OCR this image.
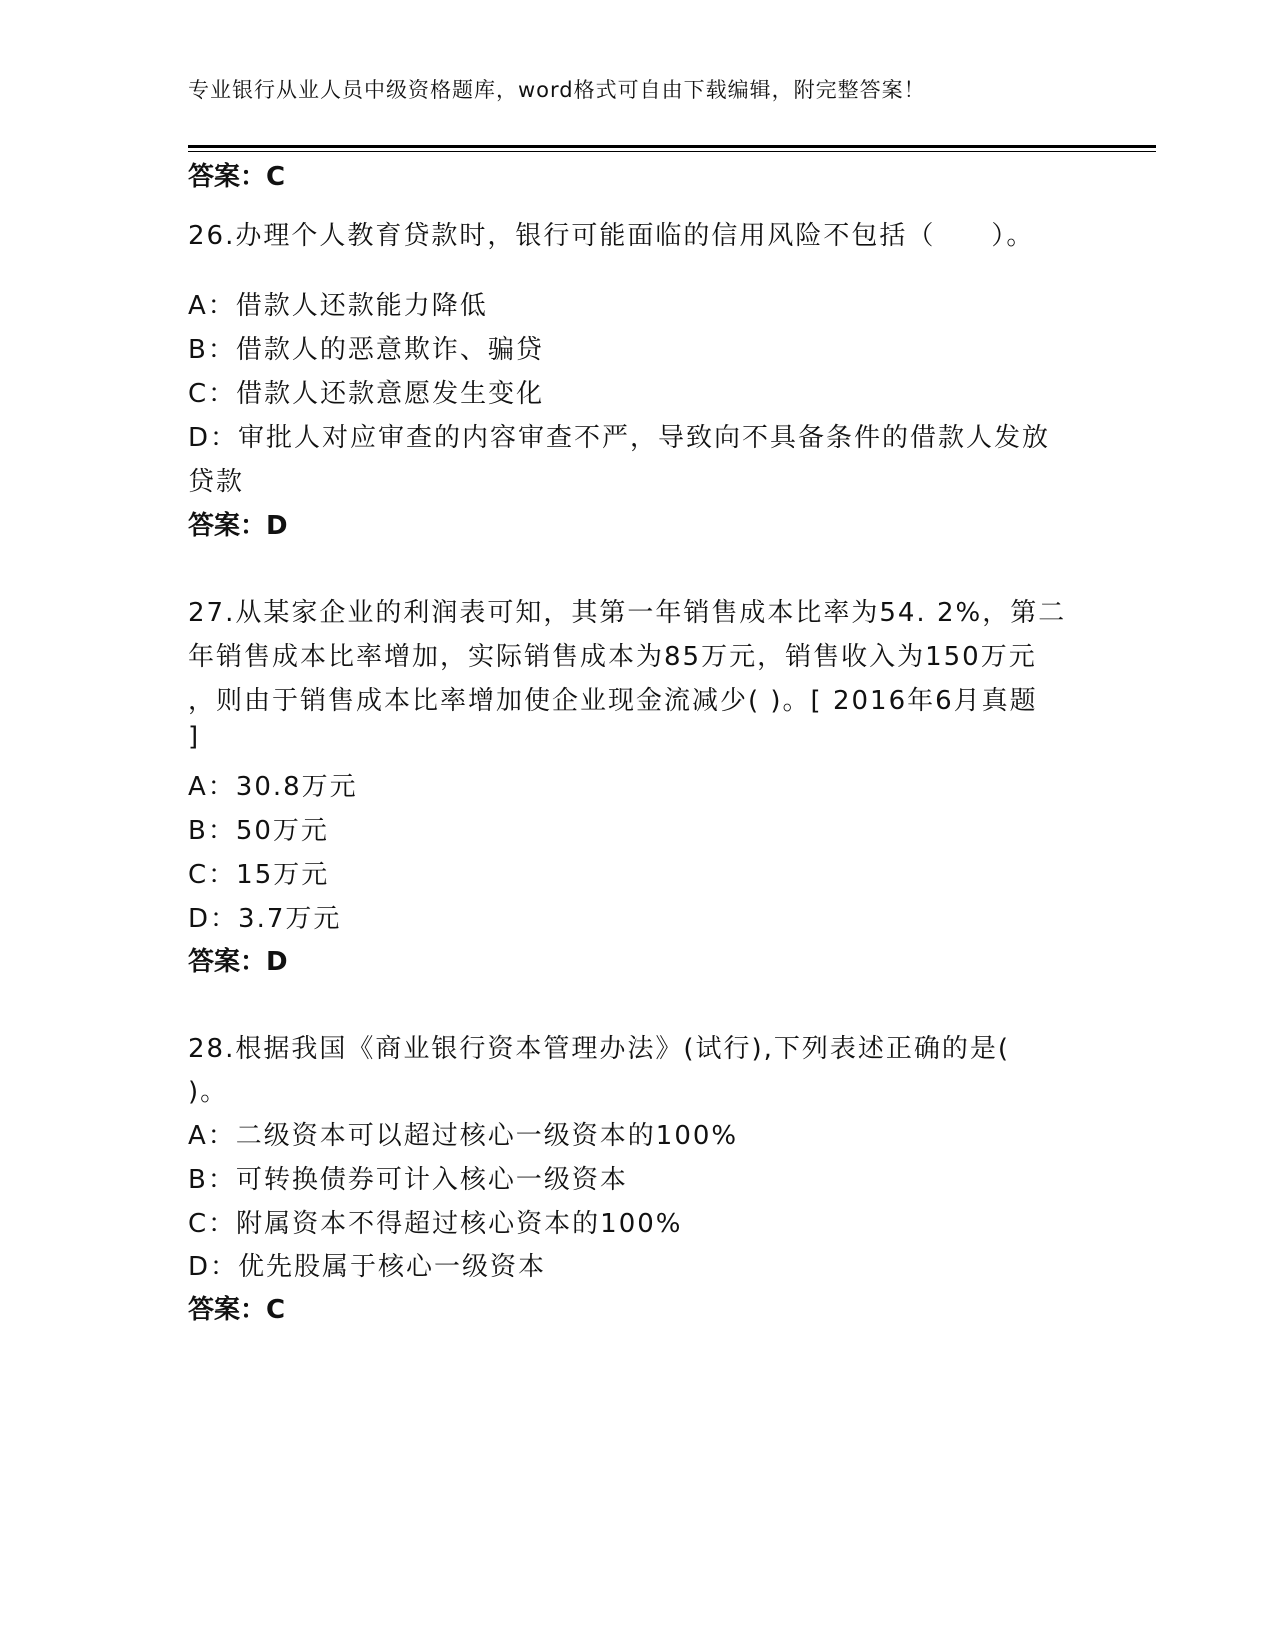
专业银行从业人员中级资格题库，word格式可自由下载编辑，附完整答案！
答案：C
26.办理个人教育贷款时，银行可能面临的信用风险不包括（　　）。
A：借款人还款能力降低
B：借款人的恶意欺诈、骗贷
C：借款人还款意愿发生变化
D：审批人对应审查的内容审查不严，导致向不具备条件的借款人发放
贷款
答案：D
27.从某家企业的利润表可知，其第一年销售成本比率为54. 2%，第二
年销售成本比率增加，实际销售成本为85万元，销售收入为150万元
，则由于销售成本比率增加使企业现金流减少( )。[ 2016年6月真题
]
A：30.8万元
B：50万元
C：15万元
D：3.7万元
答案：D
28.根据我国《商业银行资本管理办法》(试行),下列表述正确的是(
)。
A：二级资本可以超过核心一级资本的100%
B：可转换债券可计入核心一级资本
C：附属资本不得超过核心资本的100%
D：优先股属于核心一级资本
答案：C
